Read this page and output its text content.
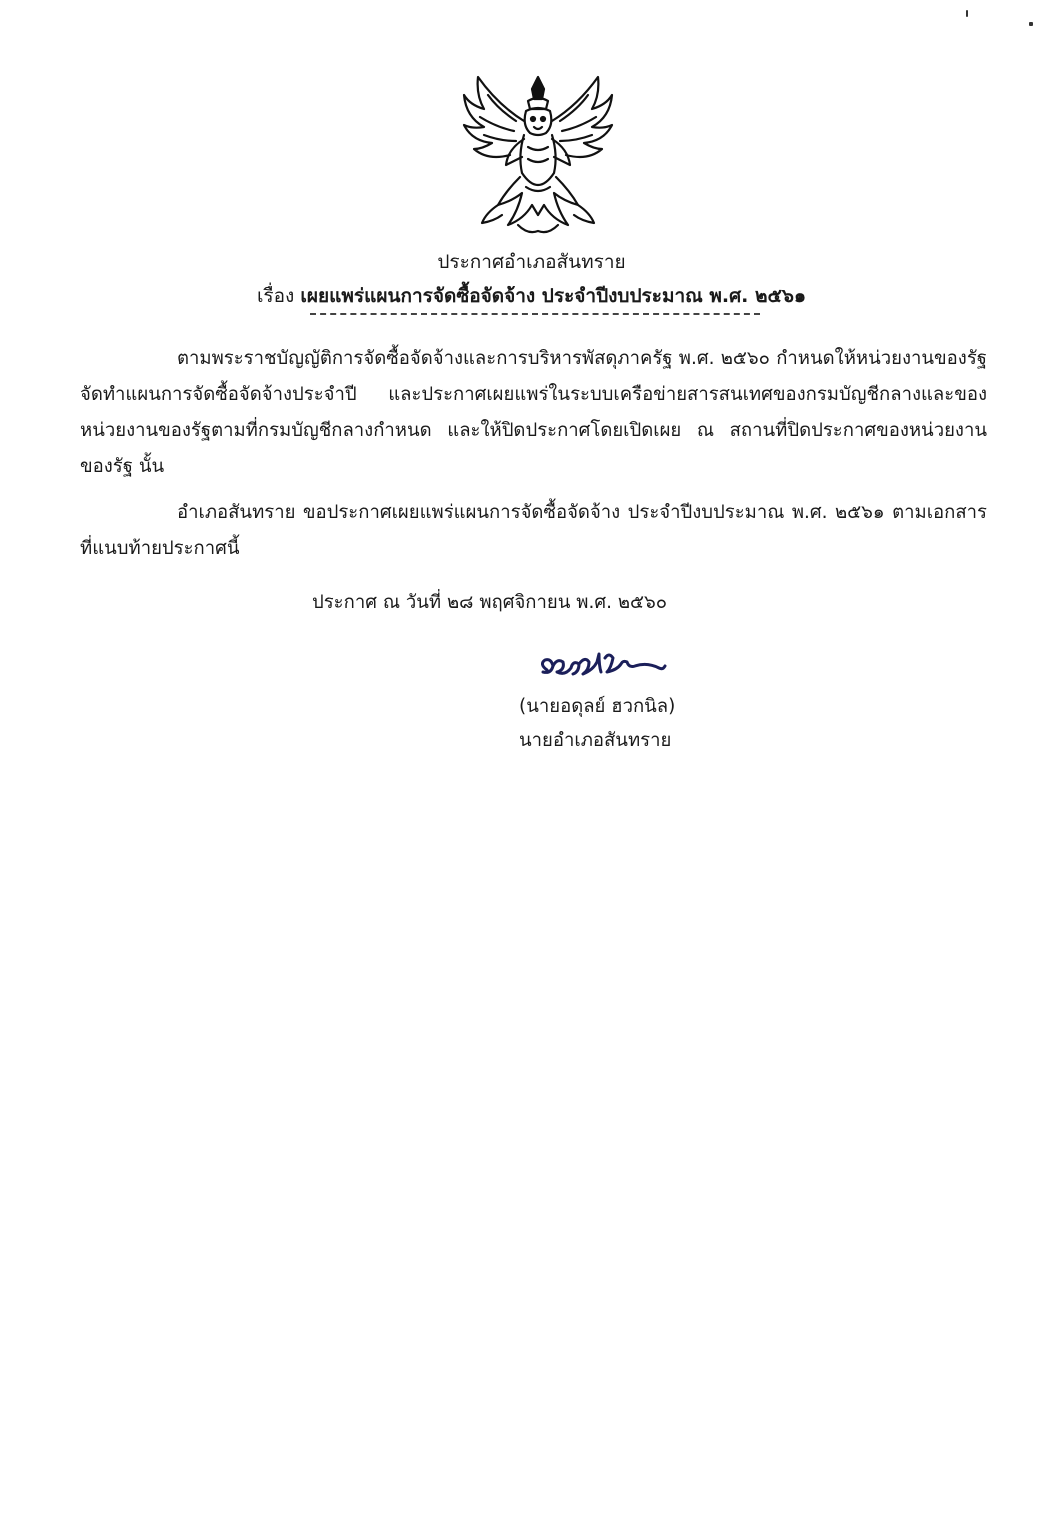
ประกาศอำเภอสันทราย
เรื่อง เผยแพร่แผนการจัดซื้อจัดจ้าง ประจำปีงบประมาณ พ.ศ. ๒๕๖๑
ตามพระราชบัญญัติการจัดซื้อจัดจ้างและการบริหารพัสดุภาครัฐ พ.ศ. ๒๕๖๐ กำหนดให้หน่วยงานของรัฐ
จัดทำแผนการจัดซื้อจัดจ้างประจำปี และประกาศเผยแพร่ในระบบเครือข่ายสารสนเทศของกรมบัญชีกลางและของ
หน่วยงานของรัฐตามที่กรมบัญชีกลางกำหนด และให้ปิดประกาศโดยเปิดเผย ณ สถานที่ปิดประกาศของหน่วยงาน
ของรัฐ นั้น
อำเภอสันทราย ขอประกาศเผยแพร่แผนการจัดซื้อจัดจ้าง ประจำปีงบประมาณ พ.ศ. ๒๕๖๑ ตามเอกสาร
ที่แนบท้ายประกาศนี้
ประกาศ ณ วันที่ ๒๘ พฤศจิกายน พ.ศ. ๒๕๖๐
(นายอดุลย์ ฮวกนิล)
นายอำเภอสันทราย
